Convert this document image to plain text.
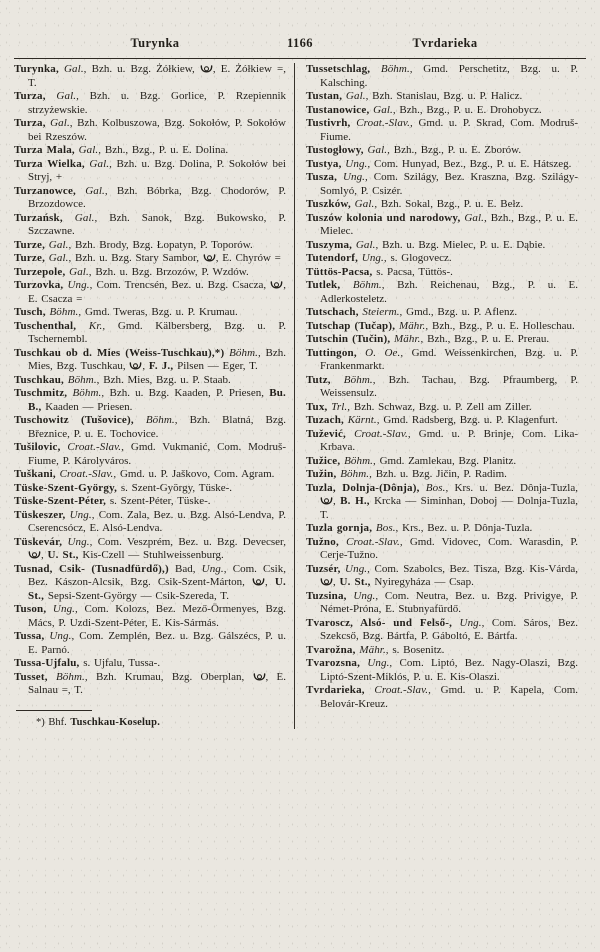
Turynka	Tvrdarieka
1166

Turynka, Gal., Bzh. u. Bzg. Żółkiew, , E. Żółkiew =, T.

Turza, Gal., Bzh. u. Bzg. Gorlice, P. Rzepiennik strzyżewskie.

Turza, Gal., Bzh. Kolbuszowa, Bzg. Sokołów, P. Sokołów bei Rzeszów.

Turza Mala, Gal., Bzh., Bzg., P. u. E. Dolina.

Turza Wielka, Gal., Bzh. u. Bzg. Dolina, P. Sokołów bei Stryj, +

Turzanowce, Gal., Bzh. Bóbrka, Bzg. Chodorów, P. Brzozdowce.

Turzańsk, Gal., Bzh. Sanok, Bzg. Bukowsko, P. Szczawne.

Turze, Gal., Bzh. Brody, Bzg. Łopatyn, P. Toporów.

Turze, Gal., Bzh. u. Bzg. Stary Sambor, , E. Chyrów =

Turzepole, Gal., Bzh. u. Bzg. Brzozów, P. Wzdów.

Turzovka, Ung., Com. Trencsén, Bez. u. Bzg. Csacza, , E. Csacza =

Tusch, Böhm., Gmd. Tweras, Bzg. u. P. Krumau.

Tuschenthal, Kr., Gmd. Kälbersberg, Bzg. u. P. Tschernembl.

Tuschkau ob d. Mies (Weiss-Tuschkau),*) Böhm., Bzh. Mies, Bzg. Tuschkau, , F. J., Pilsen — Eger, T.

Tuschkau, Böhm., Bzh. Mies, Bzg. u. P. Staab.

Tuschmitz, Böhm., Bzh. u. Bzg. Kaaden, P. Priesen, Bu. B., Kaaden — Priesen.

Tuschowitz (Tušovice), Böhm., Bzh. Blatná, Bzg. Březnice, P. u. E. Tochovice.

Tušilovic, Croat.-Slav., Gmd. Vukmanić, Com. Modruš-Fiume, P. Károlyváros.

Tuškani, Croat.-Slav., Gmd. u. P. Jaškovo, Com. Agram.

Tüske-Szent-György, s. Szent-György, Tüske-.

Tüske-Szent-Péter, s. Szent-Péter, Tüske-.

Tüskeszer, Ung., Com. Zala, Bez. u. Bzg. Alsó-Lendva, P. Cserencsócz, E. Alsó-Lendva.

Tüskevár, Ung., Com. Veszprém, Bez. u. Bzg. Devecser, , U. St., Kis-Czell — Stuhlweissenburg.

Tusnad, Csik- (Tusnadfürdő),) Bad, Ung., Com. Csik, Bez. Kászon-Alcsik, Bzg. Csik-Szent-Márton, , U. St., Sepsi-Szent-György — Csik-Szereda, T.

Tuson, Ung., Com. Kolozs, Bez. Mező-Örmenyes, Bzg. Mács, P. Uzdi-Szent-Péter, E. Kis-Sármás.

Tussa, Ung., Com. Zemplén, Bez. u. Bzg. Gálszécs, P. u. E. Parnó.

Tussa-Ujfalu, s. Ujfalu, Tussa-.

Tusset, Böhm., Bzh. Krumau, Bzg. Oberplan, , E. Salnau =, T.

*) Bhf. Tuschkau-Koselup.

Tussetschlag, Böhm., Gmd. Perschetitz, Bzg. u. P. Kalsching.

Tustan, Gal., Bzh. Stanislau, Bzg. u. P. Halicz.

Tustanowice, Gal., Bzh., Bzg., P. u. E. Drohobycz.

Tustivrh, Croat.-Slav., Gmd. u. P. Skrad, Com. Modruš-Fiume.

Tustogłowy, Gal., Bzh., Bzg., P. u. E. Zborów.

Tustya, Ung., Com. Hunyad, Bez., Bzg., P. u. E. Hátszeg.

Tusza, Ung., Com. Szilágy, Bez. Kraszna, Bzg. Szilágy-Somlyó, P. Csizér.

Tuszków, Gal., Bzh. Sokal, Bzg., P. u. E. Bełz.

Tuszów kolonia und narodowy, Gal., Bzh., Bzg., P. u. E. Mielec.

Tuszyma, Gal., Bzh. u. Bzg. Mielec, P. u. E. Dąbie.

Tutendorf, Ung., s. Glogovecz.

Tüttös-Pacsa, s. Pacsa, Tüttös-.

Tutlek, Böhm., Bzh. Reichenau, Bzg., P. u. E. Adlerkosteletz.

Tutschach, Steierm., Gmd., Bzg. u. P. Aflenz.

Tutschap (Tučap), Mähr., Bzh., Bzg., P. u. E. Holleschau.

Tutschin (Tučin), Mähr., Bzh., Bzg., P. u. E. Prerau.

Tuttingon, O. Oe., Gmd. Weissenkirchen, Bzg. u. P. Frankenmarkt.

Tutz, Böhm., Bzh. Tachau, Bzg. Pfraumberg, P. Weissensulz.

Tux, Trl., Bzh. Schwaz, Bzg. u. P. Zell am Ziller.

Tuzach, Kärnt., Gmd. Radsberg, Bzg. u. P. Klagenfurt.

Tužević, Croat.-Slav., Gmd. u. P. Brinje, Com. Lika-Krbava.

Tužice, Böhm., Gmd. Zamlekau, Bzg. Planitz.

Tužin, Böhm., Bzh. u. Bzg. Jičin, P. Radim.

Tuzla, Dolnja-(Dônja), Bos., Krs. u. Bez. Dônja-Tuzla, , B. H., Krcka — Siminhan, Doboj — Dolnja-Tuzla, T.

Tuzla gornja, Bos., Krs., Bez. u. P. Dônja-Tuzla.

Tužno, Croat.-Slav., Gmd. Vidovec, Com. Warasdin, P. Cerje-Tužno.

Tuzsér, Ung., Com. Szabolcs, Bez. Tisza, Bzg. Kis-Várda, , U. St., Nyiregyháza — Csap.

Tuzsina, Ung., Com. Neutra, Bez. u. Bzg. Privigye, P. Német-Próna, E. Stubnyafürdő.

Tvaroscz, Alsó- und Felső-, Ung., Com. Sáros, Bez. Szekcső, Bzg. Bártfa, P. Gáboltó, E. Bártfa.

Tvarožna, Mähr., s. Bosenitz.

Tvarozsna, Ung., Com. Liptó, Bez. Nagy-Olaszi, Bzg. Liptó-Szent-Miklós, P. u. E. Kis-Olaszi.

Tvrdarieka, Croat.-Slav., Gmd. u. P. Kapela, Com. Belovár-Kreuz.
